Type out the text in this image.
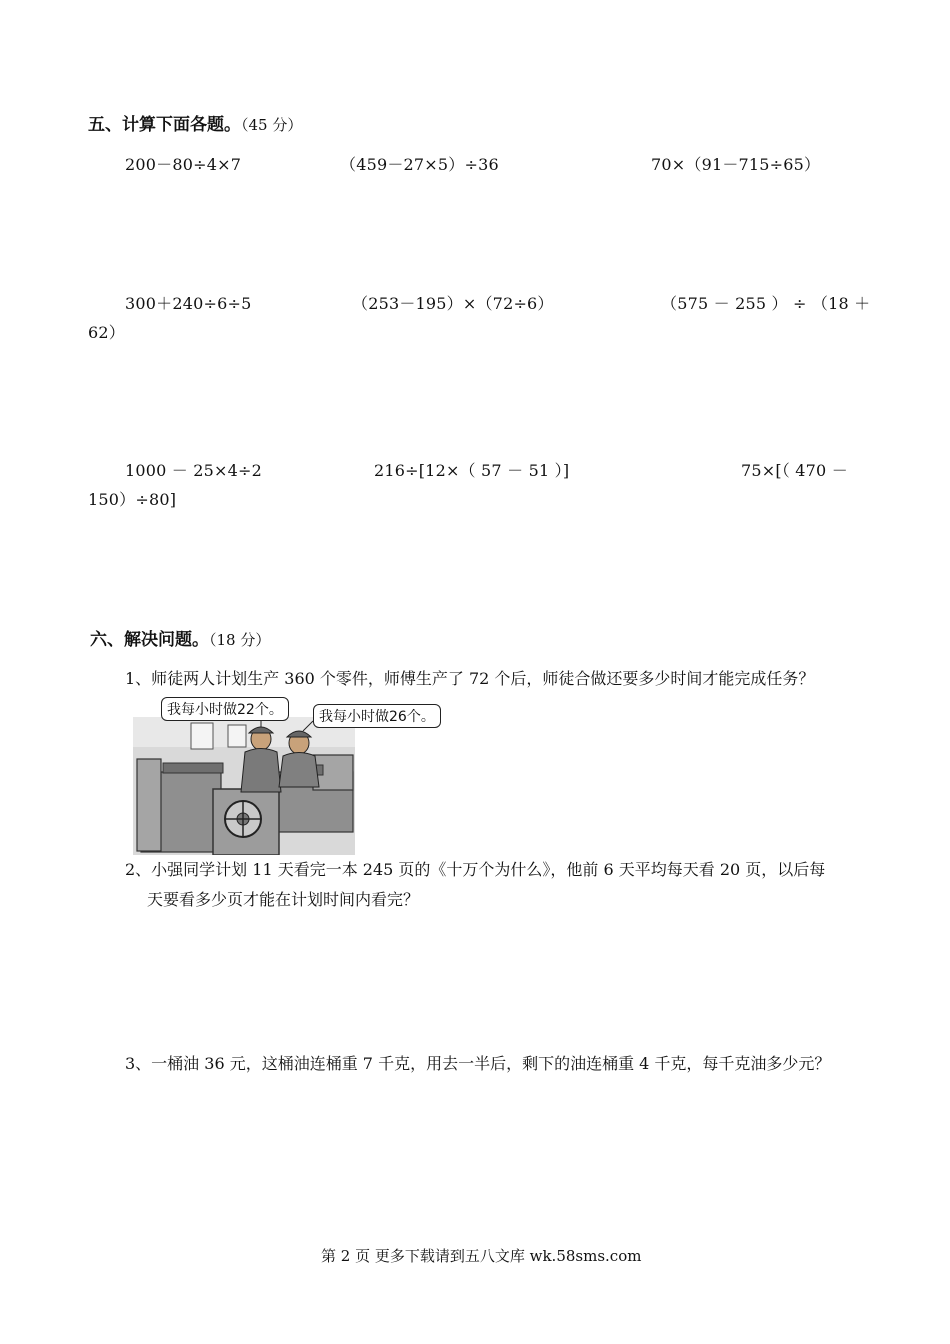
五、计算下面各题。（45 分）
200－80÷4×7	（459－27×5）÷36	70×（91－715÷65）
300＋240÷6÷5	（253－195）×（72÷6）	（575 － 255 ） ÷ （18 ＋
62）
1000 － 25×4÷2	216÷[12×（ 57 － 51 ）]	75×[（ 470 －
150）÷80]
六、解决问题。（18 分）
1、师徒两人计划生产 360 个零件，师傅生产了 72 个后，师徒合做还要多少时间才能完成任务？
我每小时做22个。	我每小时做26个。
2、小强同学计划 11 天看完一本 245 页的《十万个为什么》，他前 6 天平均每天看 20 页，以后每
天要看多少页才能在计划时间内看完？
3、一桶油 36 元，这桶油连桶重 7 千克，用去一半后，剩下的油连桶重 4 千克，每千克油多少元？
第 2 页 更多下载请到五八文库 wk.58sms.com
